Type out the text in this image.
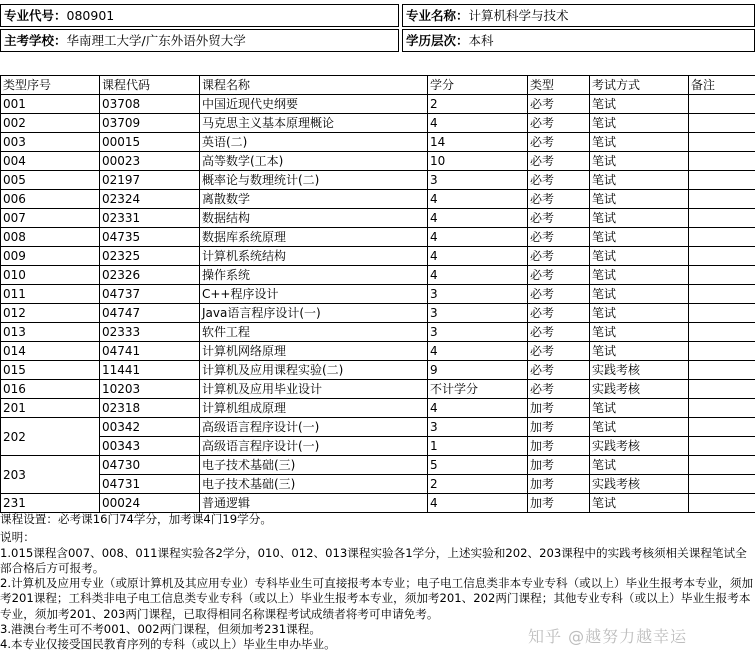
专业代号：080901	专业名称：计算机科学与技术
主考学校：华南理工大学/广东外语外贸大学	学历层次：本科
类型序号	课程代码	课程名称	学分	类型	考试方式	备注
001	03708	中国近现代史纲要	2	必考	笔试	
002	03709	马克思主义基本原理概论	4	必考	笔试	
003	00015	英语(二)	14	必考	笔试	
004	00023	高等数学(工本)	10	必考	笔试	
005	02197	概率论与数理统计(二)	3	必考	笔试	
006	02324	离散数学	4	必考	笔试	
007	02331	数据结构	4	必考	笔试	
008	04735	数据库系统原理	4	必考	笔试	
009	02325	计算机系统结构	4	必考	笔试	
010	02326	操作系统	4	必考	笔试	
011	04737	C++程序设计	3	必考	笔试	
012	04747	Java语言程序设计(一)	3	必考	笔试	
013	02333	软件工程	3	必考	笔试	
014	04741	计算机网络原理	4	必考	笔试	
015	11441	计算机及应用课程实验(二)	9	必考	实践考核	
016	10203	计算机及应用毕业设计	不计学分	必考	实践考核	
201	02318	计算机组成原理	4	加考	笔试	
202	00342	高级语言程序设计(一)	3	加考	笔试	
	00343	高级语言程序设计(一)	1	加考	实践考核	
203	04730	电子技术基础(三)	5	加考	笔试	
	04731	电子技术基础(三)	2	加考	实践考核	
231	00024	普通逻辑	4	加考	笔试	
课程设置：必考课16门74学分，加考课4门19学分。
说明：
1.015课程含007、008、011课程实验各2学分，010、012、013课程实验各1学分，上述实验和202、203课程中的实践考核须相关课程笔试全部合格后方可报考。
2.计算机及应用专业（或原计算机及其应用专业）专科毕业生可直接报考本专业；电子电工信息类非本专业专科（或以上）毕业生报考本专业，须加考201课程；工科类非电子电工信息类专业专科（或以上）毕业生报考本专业，须加考201、202两门课程；其他专业专科（或以上）毕业生报考本专业，须加考201、203两门课程，已取得相同名称课程考试成绩者将考可申请免考。
3.港澳台考生可不考001、002两门课程，但须加考231课程。
4.本专业仅接受国民教育序列的专科（或以上）毕业生申办毕业。	知乎 @越努力越幸运
